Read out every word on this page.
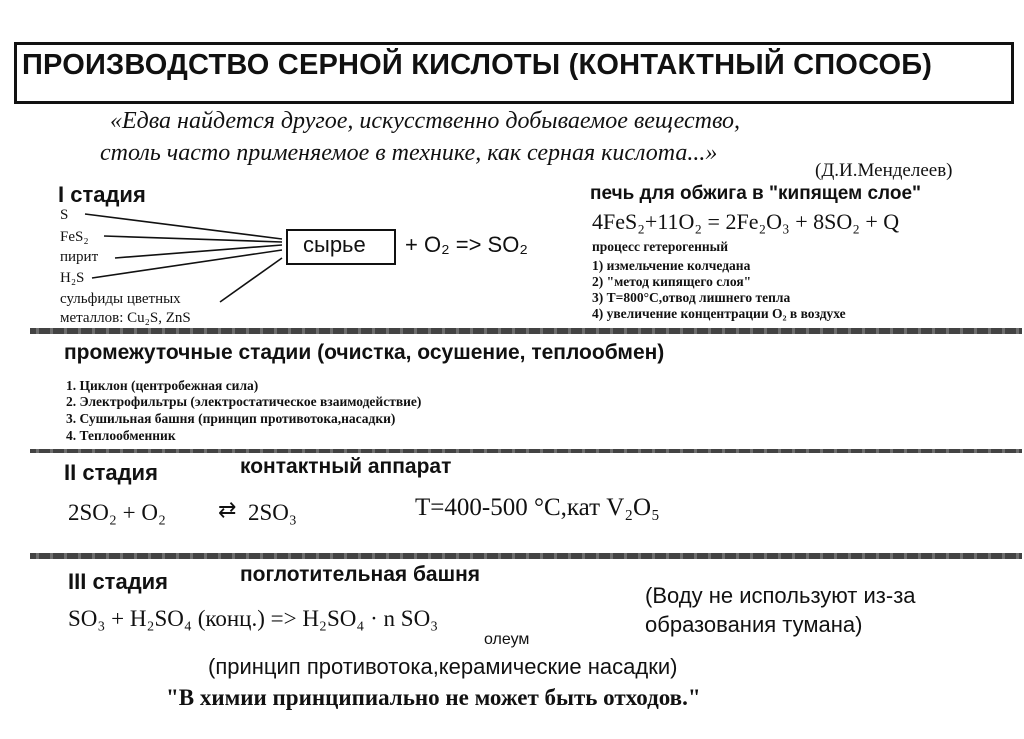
ПРОИЗВОДСТВО СЕРНОЙ КИСЛОТЫ (КОНТАКТНЫЙ СПОСОБ)
«Едва найдется другое, искусственно добываемое вещество,
столь часто применяемое в технике, как серная кислота...»
(Д.И.Менделеев)
I стадия
S
FeS₂
пирит
H₂S
сульфиды цветных
металлов: Cu₂S, ZnS
сырье + O₂ => SO₂
печь для обжига в "кипящем слое"
4FeS₂+11O₂ = 2Fe₂O₃ + 8SO₂ + Q
процесс гетерогенный
1) измельчение колчедана
2) "метод кипящего слоя"
3) Т=800°С,отвод лишнего тепла
4) увеличение концентрации O₂ в воздухе
промежуточные стадии (очистка, осушение, теплообмен)
1. Циклон (центробежная сила)
2. Электрофильтры (электростатическое взаимодействие)
3. Сушильная башня (принцип противотока,насадки)
4. Теплообменник
II стадия	контактный аппарат
2SO₂ + O₂ ⇄ 2SO₃	T=400-500 °C,кат V₂O₅
III стадия	поглотительная башня
SO₃ + H₂SO₄ (конц.) => H₂SO₄ · n SO₃
олеум
(Воду не используют из-за
образования тумана)
(принцип противотока,керамические насадки)
"В химии принципиально не может быть отходов."
